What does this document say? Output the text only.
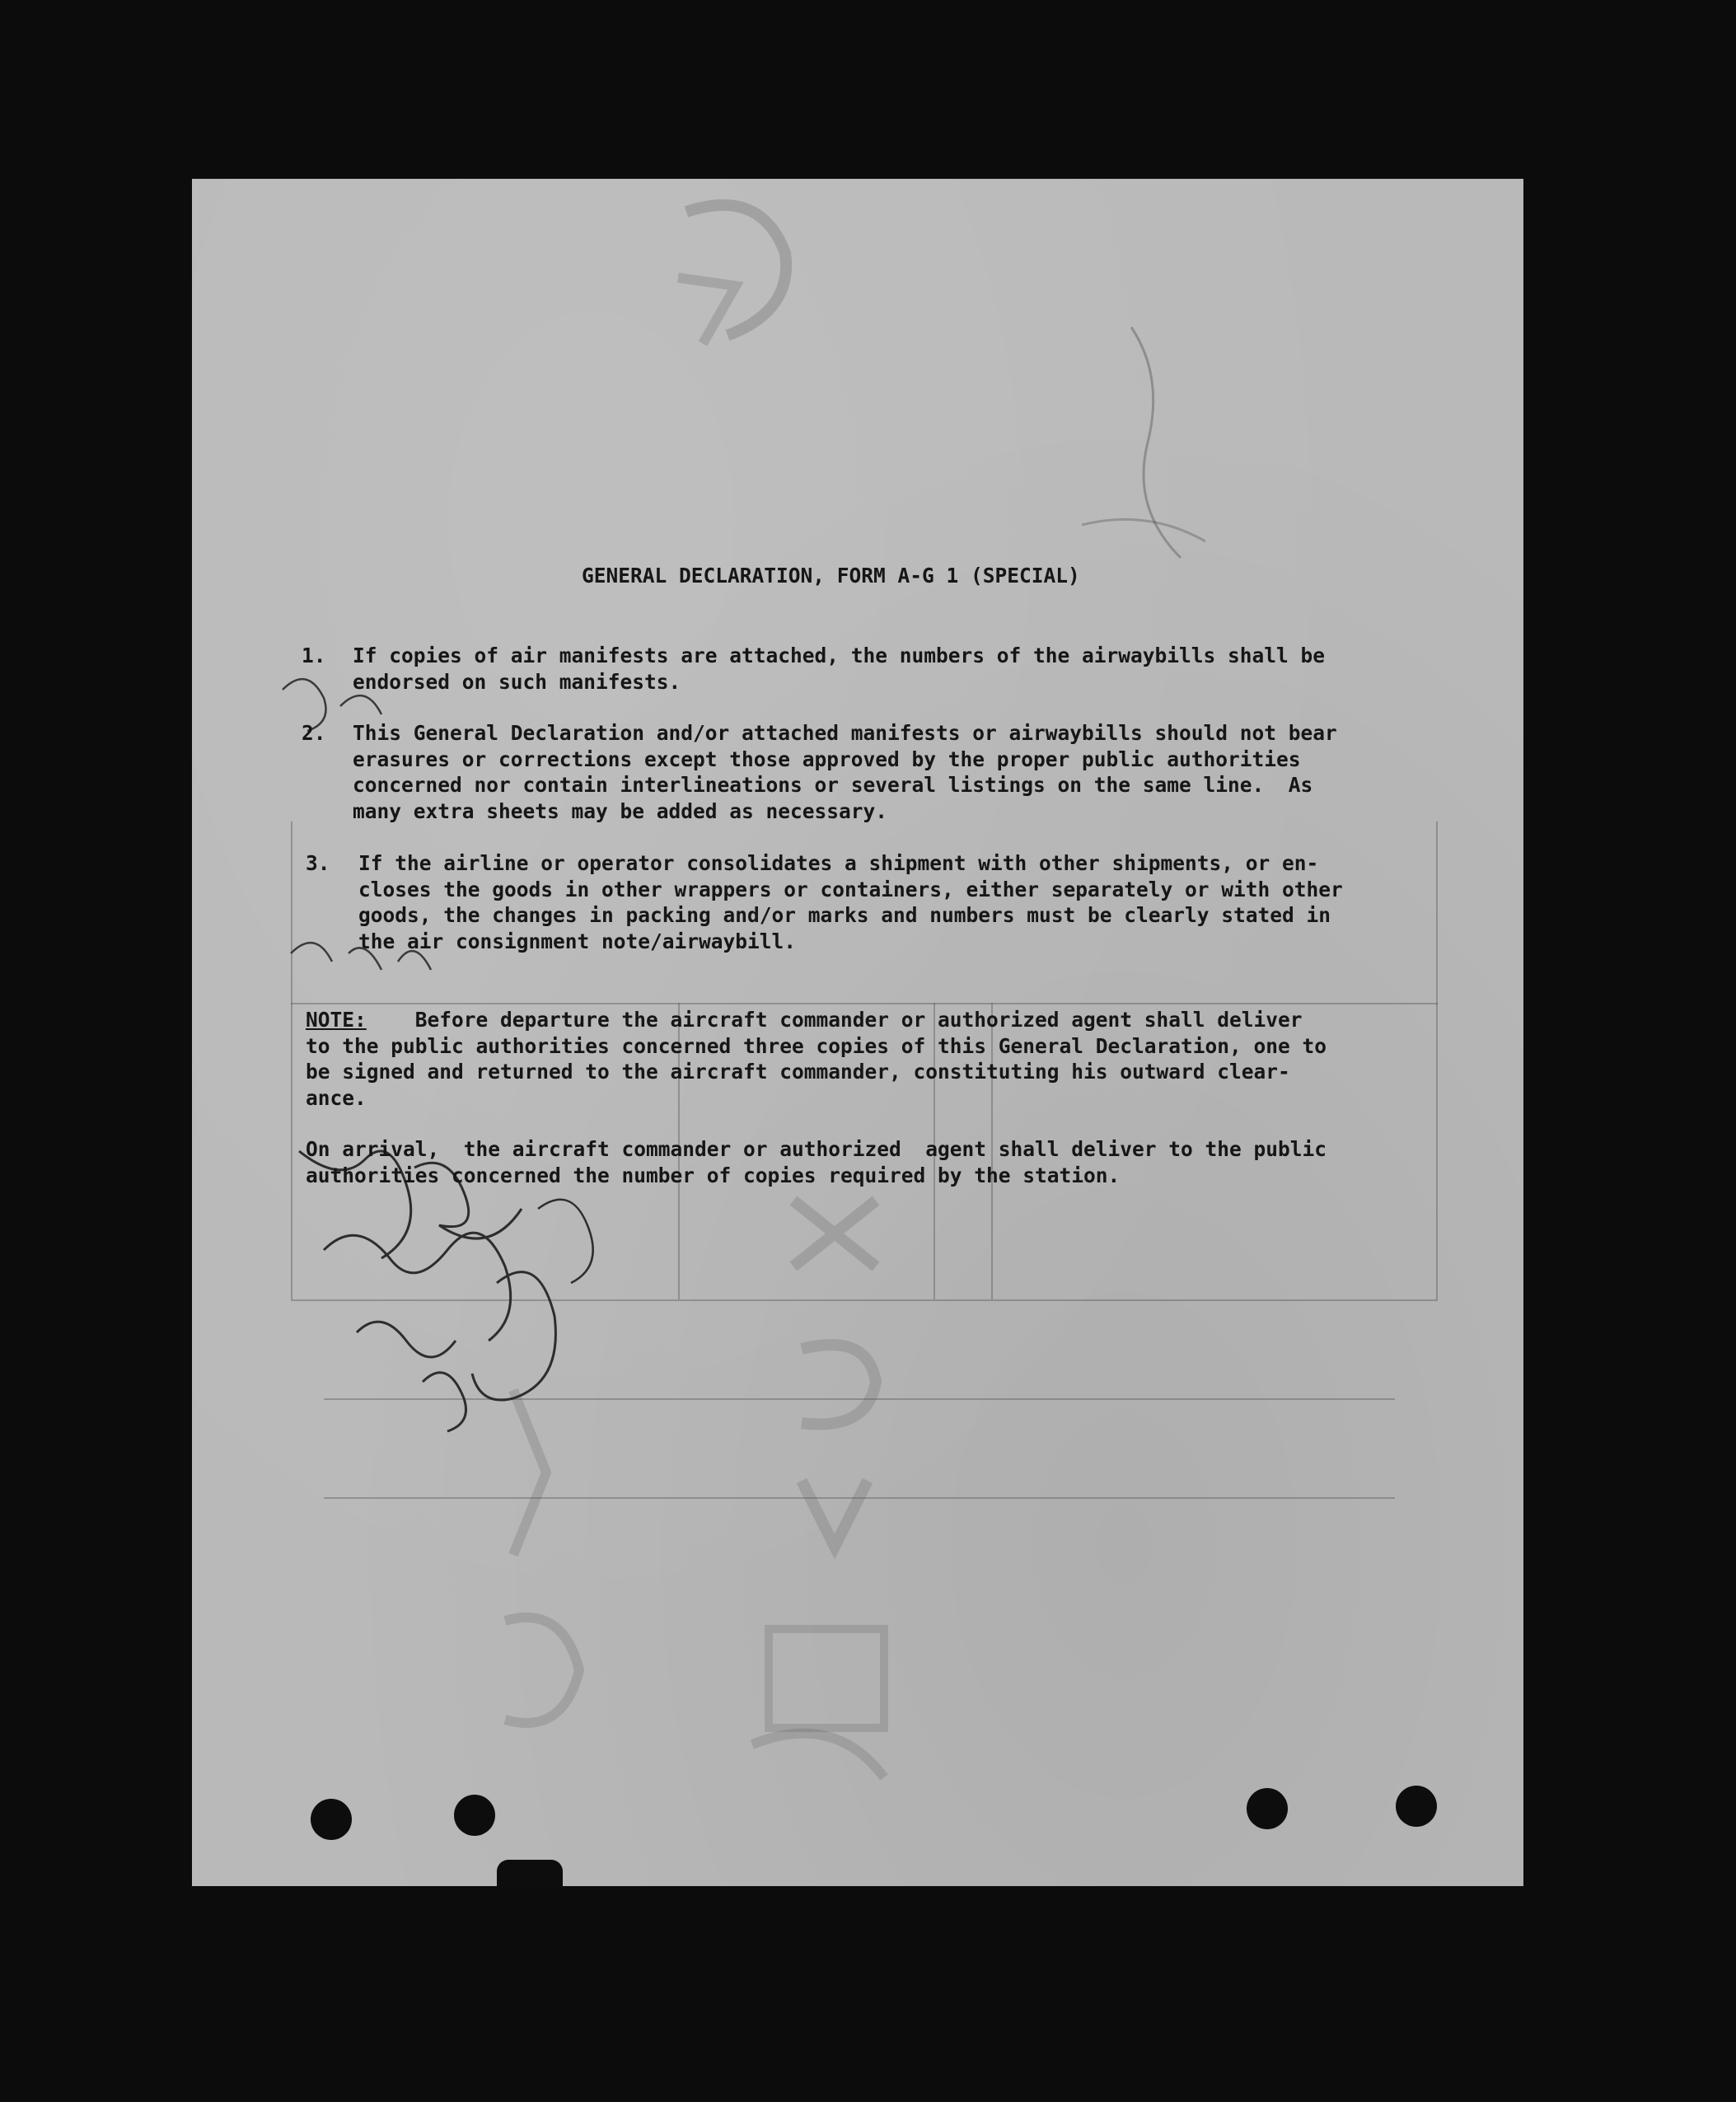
GENERAL DECLARATION, FORM A-G 1 (SPECIAL)

1.

If copies of air manifests are attached, the numbers of the airwaybills shall be

endorsed on such manifests.

2.

This General Declaration and/or attached manifests or airwaybills should not bear

erasures or corrections except those approved by the proper public authorities

concerned nor contain interlineations or several listings on the same line.  As

many extra sheets may be added as necessary.

3.

If the airline or operator consolidates a shipment with other shipments, or en-

closes the goods in other wrappers or containers, either separately or with other

goods, the changes in packing and/or marks and numbers must be clearly stated in

the air consignment note/airwaybill.

NOTE:    Before departure the aircraft commander or authorized agent shall deliver

to the public authorities concerned three copies of this General Declaration, one to

be signed and returned to the aircraft commander, constituting his outward clear-

ance.

On arrival,  the aircraft commander or authorized  agent shall deliver to the public

authorities concerned the number of copies required by the station.
